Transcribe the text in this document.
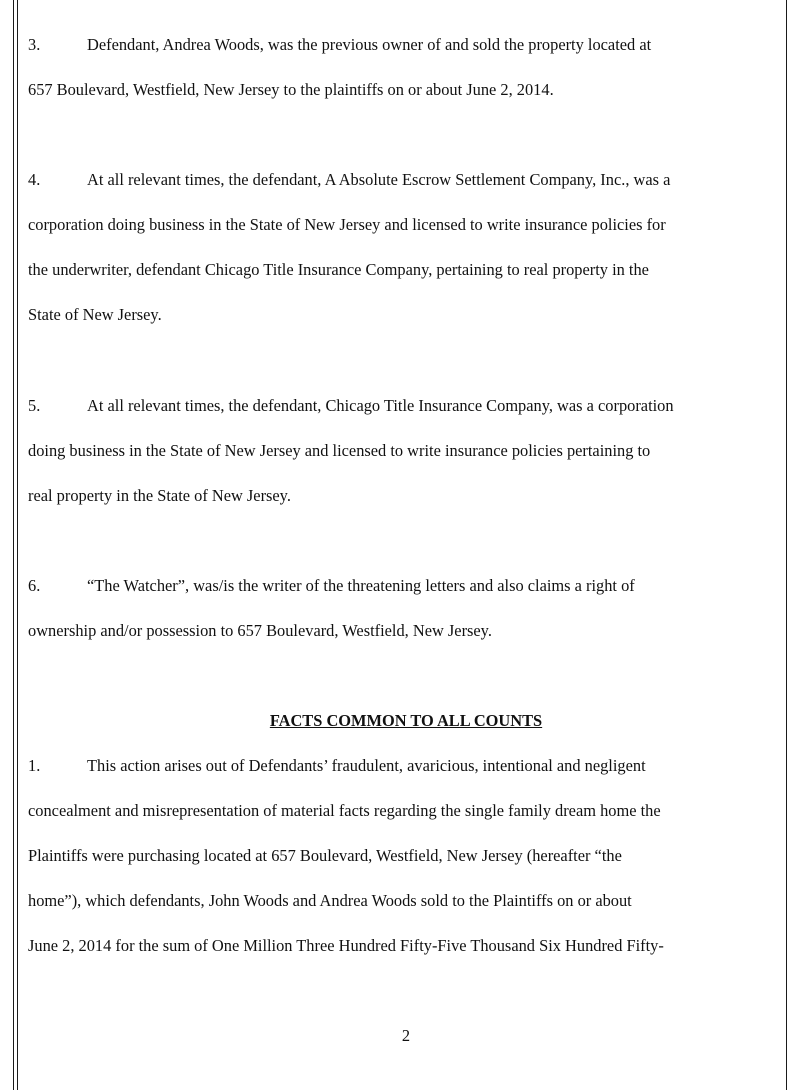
3.	Defendant, Andrea Woods, was the previous owner of and sold the property located at
657 Boulevard, Westfield, New Jersey to the plaintiffs on or about June 2, 2014.
4.	At all relevant times, the defendant, A Absolute Escrow Settlement Company, Inc., was a
corporation doing business in the State of New Jersey and licensed to write insurance policies for
the underwriter, defendant Chicago Title Insurance Company, pertaining to real property in the
State of New Jersey.
5.	At all relevant times, the defendant, Chicago Title Insurance Company, was a corporation
doing business in the State of New Jersey and licensed to write insurance policies pertaining to
real property in the State of New Jersey.
6.	“The Watcher”, was/is the writer of the threatening letters and also claims a right of
ownership and/or possession to 657 Boulevard, Westfield, New Jersey.
FACTS COMMON TO ALL COUNTS
1.	This action arises out of Defendants’ fraudulent, avaricious, intentional and negligent
concealment and misrepresentation of material facts regarding the single family dream home the
Plaintiffs were purchasing located at 657 Boulevard, Westfield, New Jersey (hereafter “the
home”), which defendants, John Woods and Andrea Woods sold to the Plaintiffs on or about
June 2, 2014 for the sum of One Million Three Hundred Fifty-Five Thousand Six Hundred Fifty-
2
